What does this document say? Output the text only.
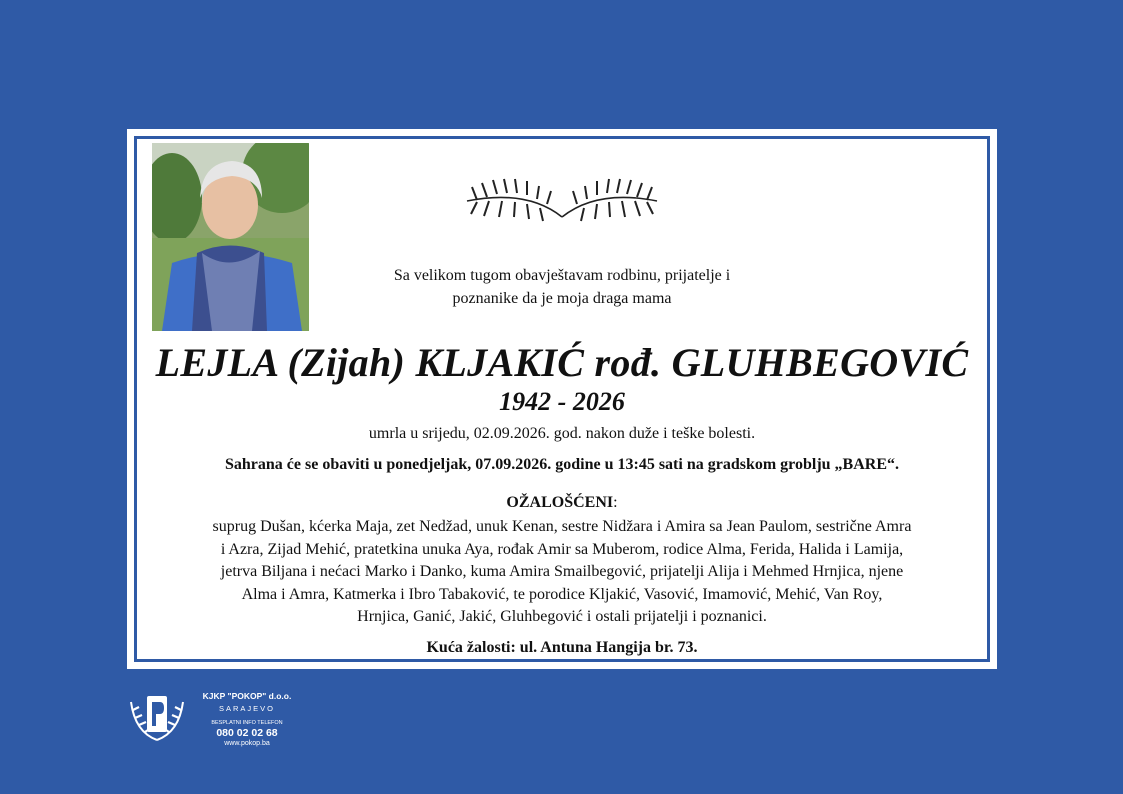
Sa velikom tugom obavještavam rodbinu, prijatelje i
poznanike da je moja draga mama
LEJLA (Zijah) KLJAKIĆ rođ. GLUHBEGOVIĆ
1942 - 2026
umrla u srijedu, 02.09.2026. god. nakon duže i teške bolesti.
Sahrana će se obaviti u ponedjeljak, 07.09.2026. godine u 13:45 sati na gradskom groblju „BARE“.
OŽALOŠĆENI:
suprug Dušan, kćerka Maja, zet Nedžad, unuk Kenan, sestre Nidžara i Amira sa Jean Paulom, sestrične Amra
i Azra, Zijad Mehić, pratetkina unuka Aya, rođak Amir sa Muberom, rodice Alma, Ferida, Halida i Lamija,
jetrva Biljana i nećaci Marko i Danko, kuma Amira Smailbegović, prijatelji Alija i Mehmed Hrnjica, njene
Alma i Amra, Katmerka i Ibro Tabaković, te porodice Kljakić, Vasović, Imamović, Mehić, Van Roy,
Hrnjica, Ganić, Jakić, Gluhbegović i ostali prijatelji i poznanici.
Kuća žalosti: ul. Antuna Hangija br. 73.
KJKP "POKOP" d.o.o.
SARAJEVO
BESPLATNI INFO TELEFON
080 02 02 68
www.pokop.ba
